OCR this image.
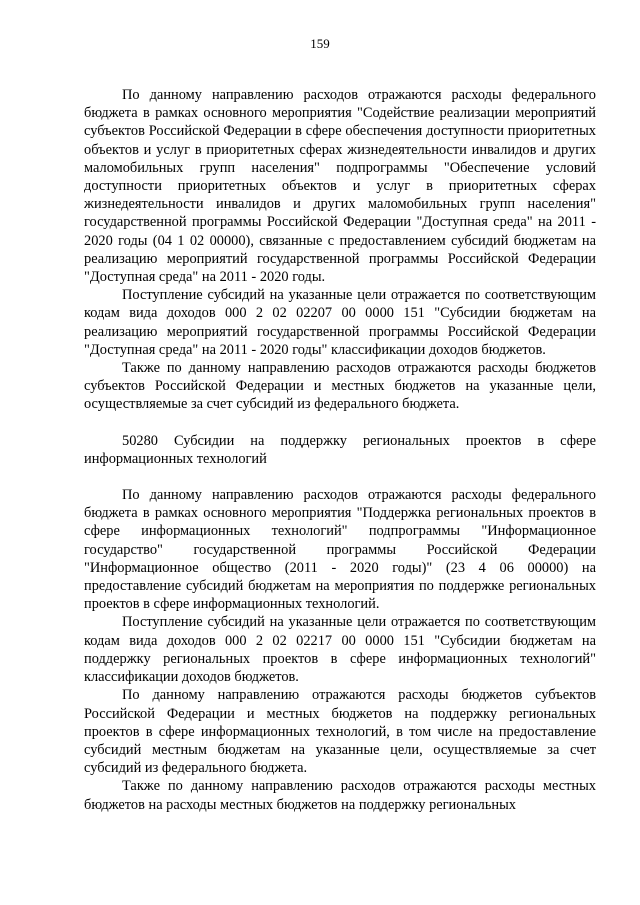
159

По данному направлению расходов отражаются расходы федерального бюджета в рамках основного мероприятия "Содействие реализации мероприятий субъектов Российской Федерации в сфере обеспечения доступности приоритетных объектов и услуг в приоритетных сферах жизнедеятельности инвалидов и других маломобильных групп населения" подпрограммы "Обеспечение условий доступности приоритетных объектов и услуг в приоритетных сферах жизнедеятельности инвалидов и других маломобильных групп населения" государственной программы Российской Федерации "Доступная среда" на 2011 - 2020 годы (04 1 02 00000), связанные с предоставлением субсидий бюджетам на реализацию мероприятий государственной программы Российской Федерации "Доступная среда" на 2011 - 2020 годы.

Поступление субсидий на указанные цели отражается по соответствующим кодам вида доходов 000 2 02 02207 00 0000 151 "Субсидии бюджетам на реализацию мероприятий государственной программы Российской Федерации "Доступная среда" на 2011 - 2020 годы" классификации доходов бюджетов.

Также по данному направлению расходов отражаются расходы бюджетов субъектов Российской Федерации и местных бюджетов на указанные цели, осуществляемые за счет субсидий из федерального бюджета.

50280 Субсидии на поддержку региональных проектов в сфере информационных технологий

По данному направлению расходов отражаются расходы федерального бюджета в рамках основного мероприятия "Поддержка региональных проектов в сфере информационных технологий" подпрограммы "Информационное государство" государственной программы Российской Федерации "Информационное общество (2011 - 2020 годы)" (23 4 06 00000) на предоставление субсидий бюджетам на мероприятия по поддержке региональных проектов в сфере информационных технологий.

Поступление субсидий на указанные цели отражается по соответствующим кодам вида доходов 000 2 02 02217 00 0000 151 "Субсидии бюджетам на поддержку региональных проектов в сфере информационных технологий" классификации доходов бюджетов.

По данному направлению отражаются расходы бюджетов субъектов Российской Федерации и местных бюджетов на поддержку региональных проектов в сфере информационных технологий, в том числе на предоставление субсидий местным бюджетам на указанные цели, осуществляемые за счет субсидий из федерального бюджета.

Также по данному направлению расходов отражаются расходы местных бюджетов на расходы местных бюджетов на поддержку региональных
